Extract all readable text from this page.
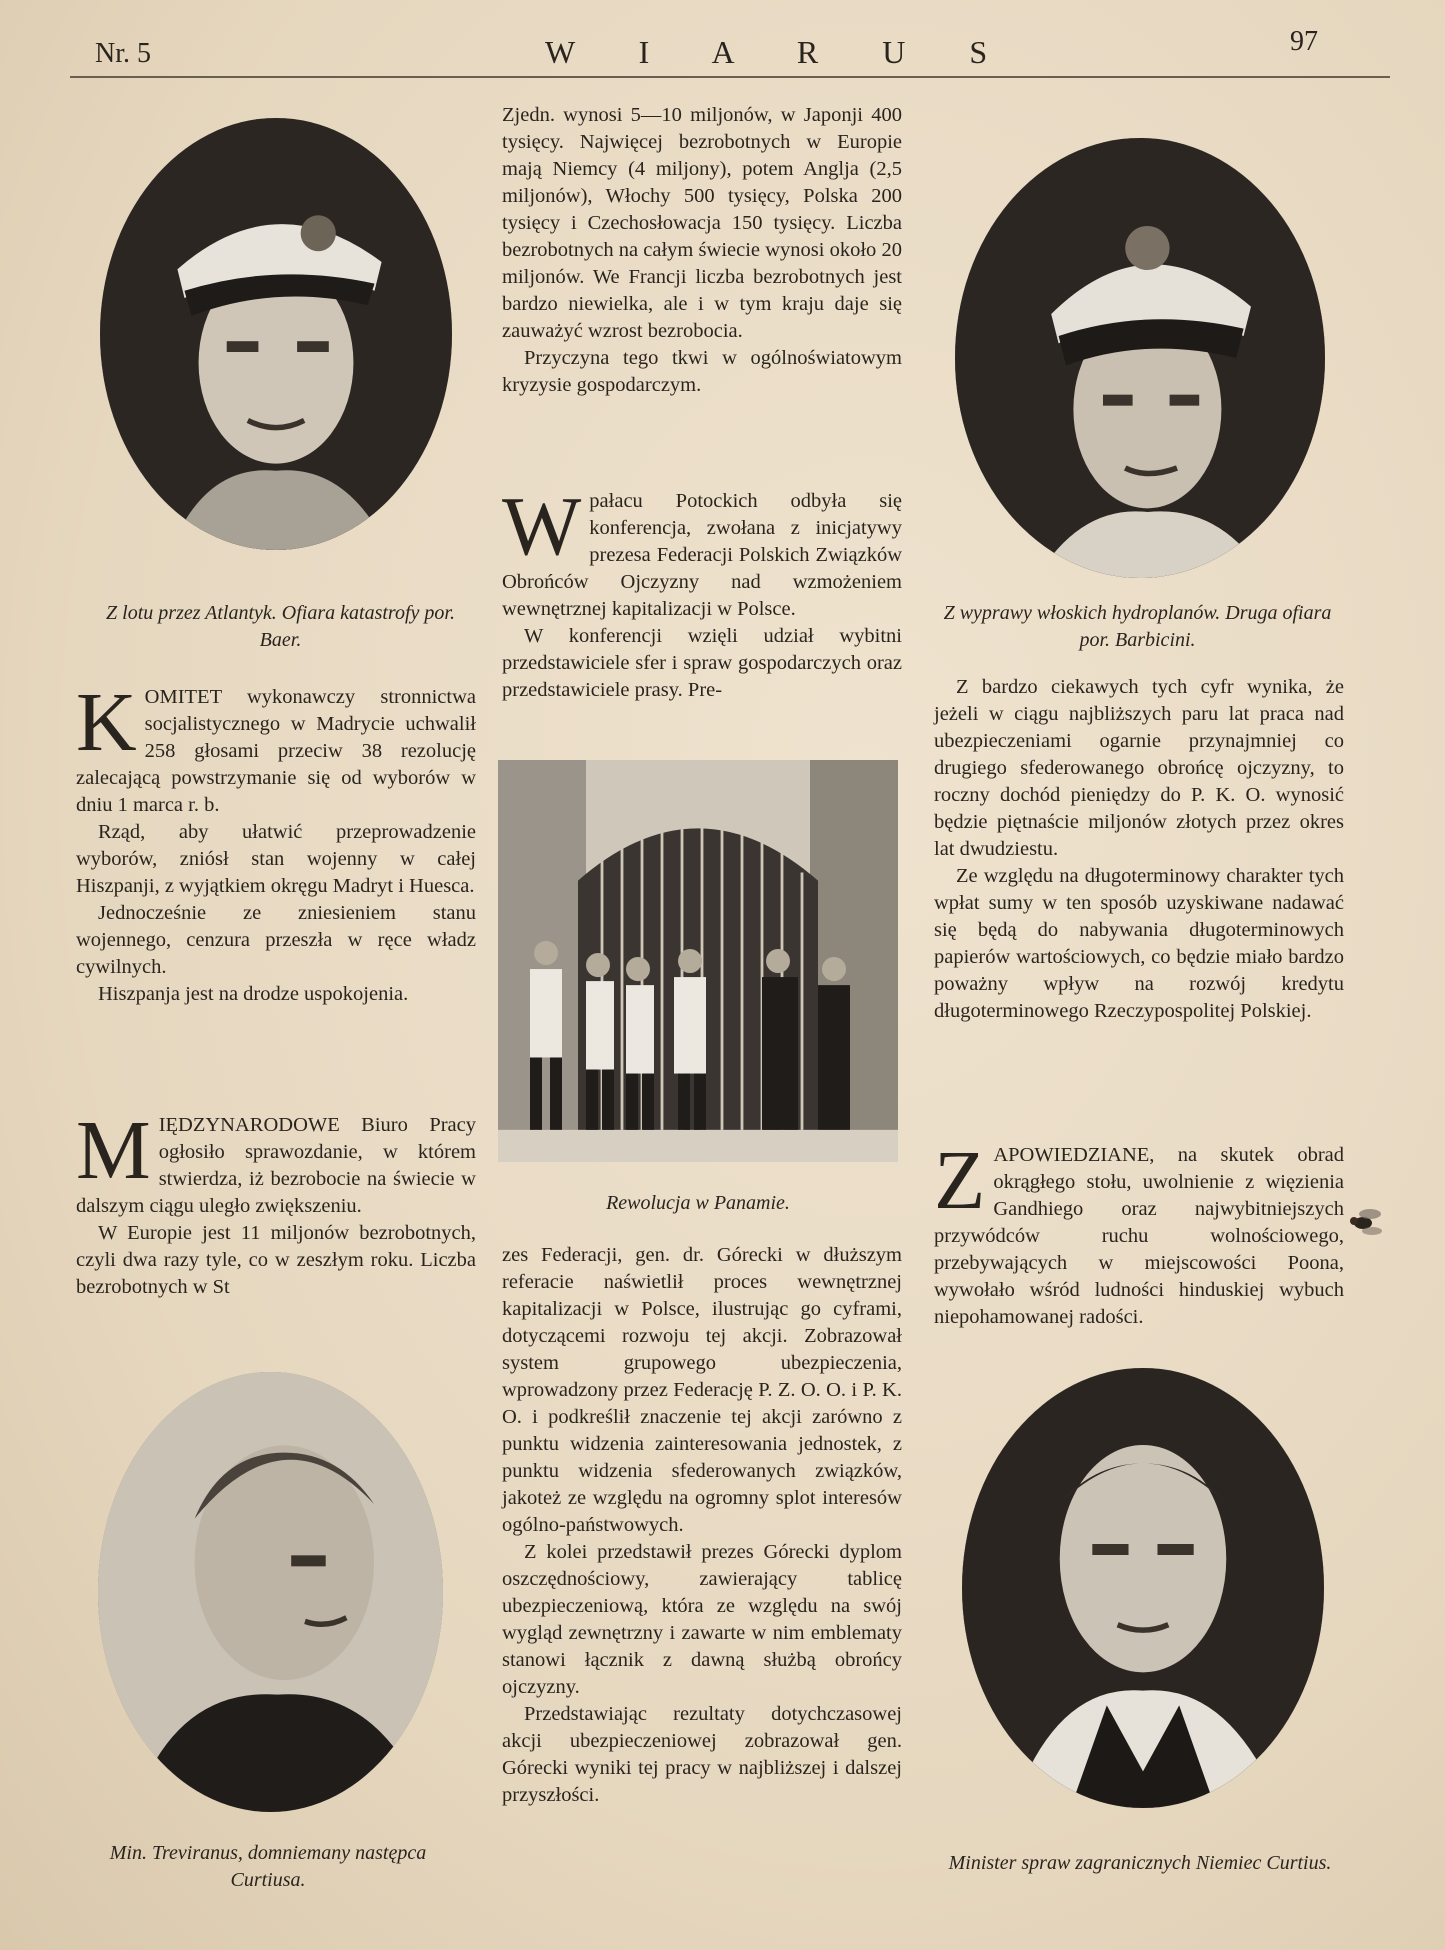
Nr. 5	W I A R U S	97
Z lotu przez Atlantyk. Ofiara katastrofy por. Baer.
Z wyprawy włoskich hydroplanów. Druga ofiara por. Barbicini.
Rewolucja w Panamie.
Min. Treviranus, domniemany następca Curtiusa.
Minister spraw zagranicznych Niemiec Curtius.
K OMITET wykonawczy stronnictwa socjalistycznego w Madrycie uchwalił 258 głosami przeciw 38 rezolucję zalecającą powstrzymanie się od wyborów w dniu 1 marca r. b.

Rząd, aby ułatwić przeprowadzenie wyborów, zniósł stan wojenny w całej Hiszpanji, z wyjątkiem okręgu Madryt i Huesca.

Jednocześnie ze zniesieniem stanu wojennego, cenzura przeszła w ręce władz cywilnych.

Hiszpanja jest na drodze uspokojenia.

M IĘDZYNARODOWE Biuro Pracy ogłosiło sprawozdanie, w którem stwierdza, iż bezrobocie na świecie w dalszym ciągu uległo zwiększeniu.

W Europie jest 11 miljonów bezrobotnych, czyli dwa razy tyle, co w zeszłym roku. Liczba bezrobotnych w St

Zjedn. wynosi 5—10 miljonów, w Japonji 400 tysięcy. Najwięcej bezrobotnych w Europie mają Niemcy (4 miljony), potem Anglja (2,5 miljonów), Włochy 500 tysięcy, Polska 200 tysięcy i Czechosłowacja 150 tysięcy. Liczba bezrobotnych na całym świecie wynosi około 20 miljonów. We Francji liczba bezrobotnych jest bardzo niewielka, ale i w tym kraju daje się zauważyć wzrost bezrobocia.

Przyczyna tego tkwi w ogólnoświatowym kryzysie gospodarczym.

W pałacu Potockich odbyła się konferencja, zwołana z inicjatywy prezesa Federacji Polskich Związków Obrońców Ojczyzny nad wzmożeniem wewnętrznej kapitalizacji w Polsce.

W konferencji wzięli udział wybitni przedstawiciele sfer i spraw gospodarczych oraz przedstawiciele prasy. Pre-

zes Federacji, gen. dr. Górecki w dłuższym referacie naświetlił proces wewnętrznej kapitalizacji w Polsce, ilustrując go cyframi, dotyczącemi rozwoju tej akcji. Zobrazował system grupowego ubezpieczenia, wprowadzony przez Federację P. Z. O. O. i P. K. O. i podkreślił znaczenie tej akcji zarówno z punktu widzenia zainteresowania jednostek, z punktu widzenia sfederowanych związków, jakoteż ze względu na ogromny splot interesów ogólno-państwowych.

Z kolei przedstawił prezes Górecki dyplom oszczędnościowy, zawierający tablicę ubezpieczeniową, która ze względu na swój wygląd zewnętrzny i zawarte w nim emblematy stanowi łącznik z dawną służbą obrońcy ojczyzny.

Przedstawiając rezultaty dotychczasowej akcji ubezpieczeniowej zobrazował gen. Górecki wyniki tej pracy w najbliższej i dalszej przyszłości.

Z bardzo ciekawych tych cyfr wynika, że jeżeli w ciągu najbliższych paru lat praca nad ubezpieczeniami ogarnie przynajmniej co drugiego sfederowanego obrońcę ojczyzny, to roczny dochód pieniędzy do P. K. O. wynosić będzie piętnaście miljonów złotych przez okres lat dwudziestu.

Ze względu na długoterminowy charakter tych wpłat sumy w ten sposób uzyskiwane nadawać się będą do nabywania długoterminowych papierów wartościowych, co będzie miało bardzo poważny wpływ na rozwój kredytu długoterminowego Rzeczypospolitej Polskiej.

Z APOWIEDZIANE, na skutek obrad okrągłego stołu, uwolnienie z więzienia Gandhiego oraz najwybitniejszych przywódców ruchu wolnościowego, przebywających w miejscowości Poona, wywołało wśród ludności hinduskiej wybuch niepohamowanej radości.
